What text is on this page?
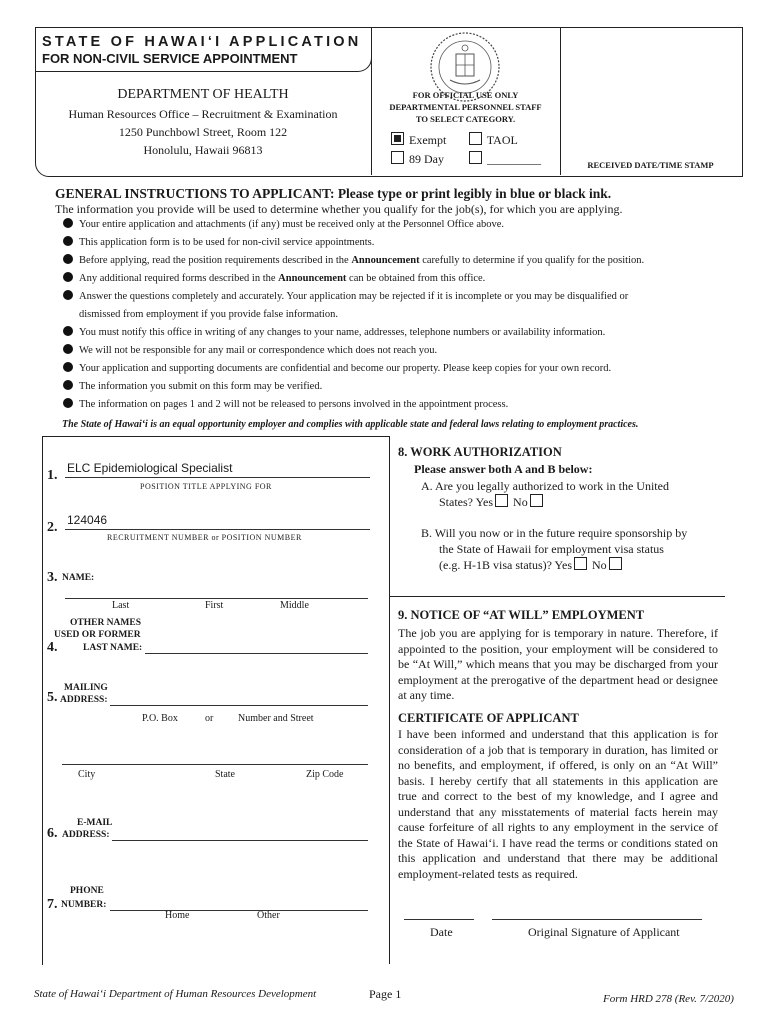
STATE OF HAWAI‘I APPLICATION
FOR NON-CIVIL SERVICE APPOINTMENT
DEPARTMENT OF HEALTH
Human Resources Office – Recruitment & Examination
1250 Punchbowl Street, Room 122
Honolulu, Hawaii 96813
FOR OFFICIAL USE ONLY
DEPARTMENTAL PERSONNEL STAFF
TO SELECT CATEGORY.
Exempt	TAOL
89 Day	_________	RECEIVED DATE/TIME STAMP
GENERAL INSTRUCTIONS TO APPLICANT: Please type or print legibly in blue or black ink.
The information you provide will be used to determine whether you qualify for the job(s), for which you are applying.
Your entire application and attachments (if any) must be received only at the Personnel Office above.
This application form is to be used for non-civil service appointments.
Before applying, read the position requirements described in the Announcement carefully to determine if you qualify for the position.
Any additional required forms described in the Announcement can be obtained from this office.
Answer the questions completely and accurately. Your application may be rejected if it is incomplete or you may be disqualified or
dismissed from employment if you provide false information.
You must notify this office in writing of any changes to your name, addresses, telephone numbers or availability information.
We will not be responsible for any mail or correspondence which does not reach you.
Your application and supporting documents are confidential and become our property. Please keep copies for your own record.
The information you submit on this form may be verified.
The information on pages 1 and 2 will not be released to persons involved in the appointment process.
The State of Hawai‘i is an equal opportunity employer and complies with applicable state and federal laws relating to employment practices.
1. ELC Epidemiological Specialist
POSITION TITLE APPLYING FOR
2. 124046
RECRUITMENT NUMBER or POSITION NUMBER
3. NAME:
Last	First	Middle
OTHER NAMES
USED OR FORMER
4.	LAST NAME:
MAILING
5. ADDRESS:
P.O. Box	or Number and Street
City	State	Zip Code
E-MAIL
6. ADDRESS:
PHONE
7. NUMBER:
Home	Other
8. WORK AUTHORIZATION
Please answer both A and B below:
A. Are you legally authorized to work in the United
States? Yes No
B. Will you now or in the future require sponsorship by
the State of Hawaii for employment visa status
(e.g. H-1B visa status)? Yes No
9. NOTICE OF “AT WILL” EMPLOYMENT
The job you are applying for is temporary in nature. Therefore, if appointed to the position, your employment will be considered to be “At Will,” which means that you may be discharged from your employment at the prerogative of the department head or designee at any time.
CERTIFICATE OF APPLICANT
I have been informed and understand that this application is for consideration of a job that is temporary in duration, has limited or no benefits, and employment, if offered, is only on an “At Will” basis. I hereby certify that all statements in this application are true and correct to the best of my knowledge, and I agree and understand that any misstatements of material facts herein may cause forfeiture of all rights to any employment in the service of the State of Hawai‘i. I have read the terms or conditions stated on this application and understand that there may be additional employment-related tests as required.
Date	Original Signature of Applicant
State of Hawai‘i Department of Human Resources Development	Page 1	Form HRD 278 (Rev. 7/2020)
